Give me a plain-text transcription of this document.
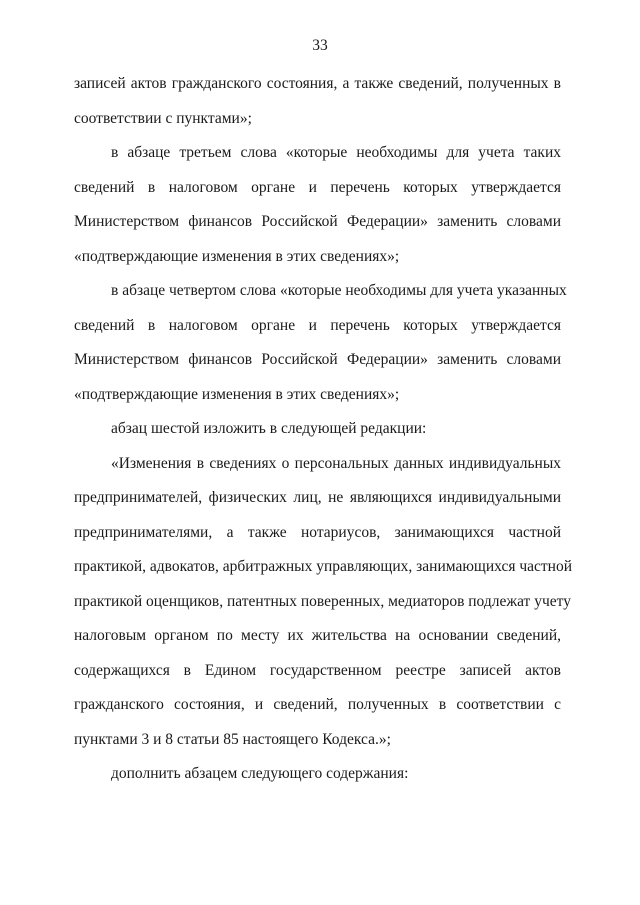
33
записей актов гражданского состояния, а также сведений, полученных в
соответствии с пунктами»;
в абзаце третьем слова «которые необходимы для учета таких
сведений в налоговом органе и перечень которых утверждается
Министерством финансов Российской Федерации» заменить словами
«подтверждающие изменения в этих сведениях»;
в абзаце четвертом слова «которые необходимы для учета указанных
сведений в налоговом органе и перечень которых утверждается
Министерством финансов Российской Федерации» заменить словами
«подтверждающие изменения в этих сведениях»;
абзац шестой изложить в следующей редакции:
«Изменения в сведениях о персональных данных индивидуальных
предпринимателей, физических лиц, не являющихся индивидуальными
предпринимателями, а также нотариусов, занимающихся частной
практикой, адвокатов, арбитражных управляющих, занимающихся частной
практикой оценщиков, патентных поверенных, медиаторов подлежат учету
налоговым органом по месту их жительства на основании сведений,
содержащихся в Едином государственном реестре записей актов
гражданского состояния, и сведений, полученных в соответствии с
пунктами 3 и 8 статьи 85 настоящего Кодекса.»;
дополнить абзацем следующего содержания:
